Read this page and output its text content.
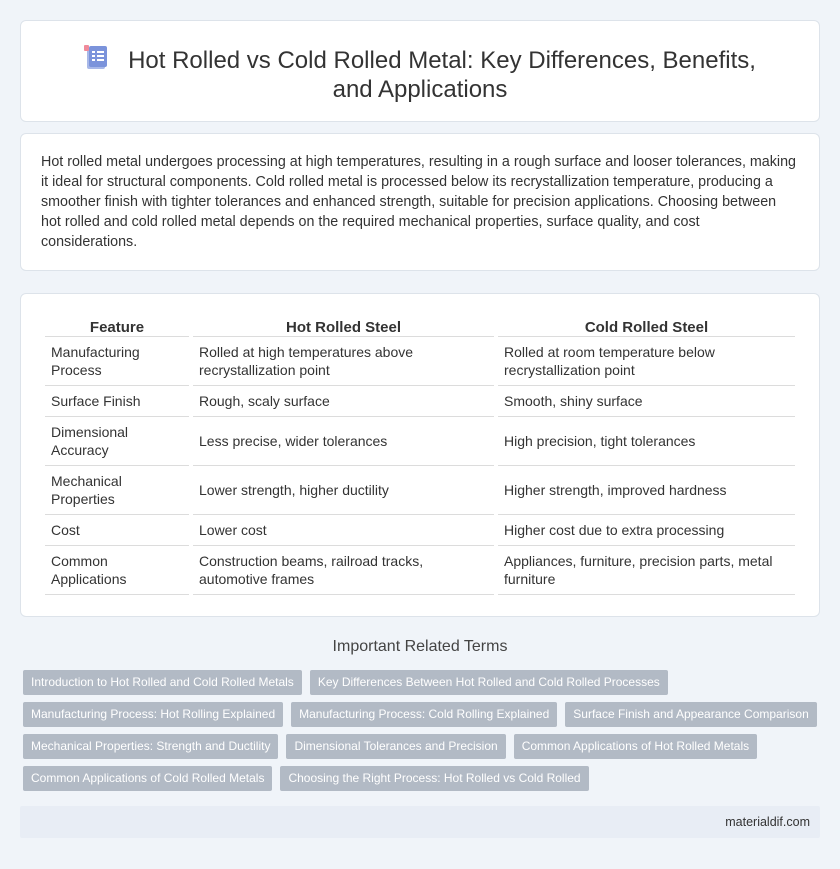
Hot Rolled vs Cold Rolled Metal: Key Differences, Benefits, and Applications

Hot rolled metal undergoes processing at high temperatures, resulting in a rough surface and looser tolerances, making it ideal for structural components. Cold rolled metal is processed below its recrystallization temperature, producing a smoother finish with tighter tolerances and enhanced strength, suitable for precision applications. Choosing between hot rolled and cold rolled metal depends on the required mechanical properties, surface quality, and cost considerations.

Feature	Hot Rolled Steel	Cold Rolled Steel
Manufacturing Process	Rolled at high temperatures above recrystallization point	Rolled at room temperature below recrystallization point
Surface Finish	Rough, scaly surface	Smooth, shiny surface
Dimensional Accuracy	Less precise, wider tolerances	High precision, tight tolerances
Mechanical Properties	Lower strength, higher ductility	Higher strength, improved hardness
Cost	Lower cost	Higher cost due to extra processing
Common Applications	Construction beams, railroad tracks, automotive frames	Appliances, furniture, precision parts, metal furniture
Important Related Terms
Introduction to Hot Rolled and Cold Rolled Metals	Key Differences Between Hot Rolled and Cold Rolled Processes
Manufacturing Process: Hot Rolling Explained	Manufacturing Process: Cold Rolling Explained	Surface Finish and Appearance Comparison
Mechanical Properties: Strength and Ductility	Dimensional Tolerances and Precision	Common Applications of Hot Rolled Metals
Common Applications of Cold Rolled Metals	Choosing the Right Process: Hot Rolled vs Cold Rolled
materialdif.com
